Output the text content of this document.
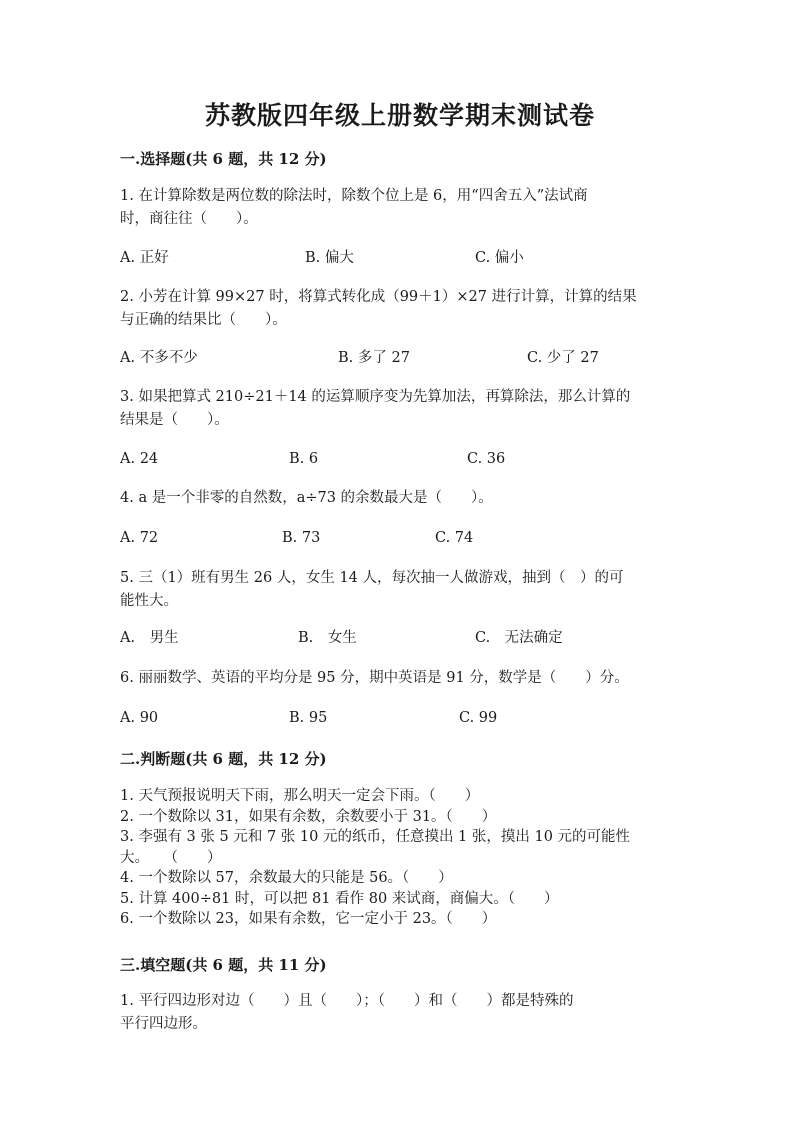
苏教版四年级上册数学期末测试卷
一.选择题(共 6 题，共 12 分)
1. 在计算除数是两位数的除法时，除数个位上是 6，用“四舍五入”法试商
时，商往往（　　）。
A. 正好	B. 偏大	C. 偏小
2. 小芳在计算 99×27 时，将算式转化成（99＋1）×27 进行计算，计算的结果
与正确的结果比（　　）。
A. 不多不少	B. 多了 27	C. 少了 27
3. 如果把算式 210÷21＋14 的运算顺序变为先算加法，再算除法，那么计算的
结果是（　　）。
A. 24	B. 6	C. 36
4. a 是一个非零的自然数，a÷73 的余数最大是（　　）。
A. 72	B. 73	C. 74
5. 三（1）班有男生 26 人，女生 14 人，每次抽一人做游戏，抽到（　）的可
能性大。
A.　男生	B.　女生	C.　无法确定
6. 丽丽数学、英语的平均分是 95 分，期中英语是 91 分，数学是（　　）分。
A. 90	B. 95	C. 99
二.判断题(共 6 题，共 12 分)
1. 天气预报说明天下雨，那么明天一定会下雨。（　　）
2. 一个数除以 31，如果有余数，余数要小于 31。（　　）
3. 李强有 3 张 5 元和 7 张 10 元的纸币，任意摸出 1 张，摸出 10 元的可能性
大。　　（　　）
4. 一个数除以 57，余数最大的只能是 56。（　　）
5. 计算 400÷81 时，可以把 81 看作 80 来试商，商偏大。（　　）
6. 一个数除以 23，如果有余数，它一定小于 23。（　　）
三.填空题(共 6 题，共 11 分)
1. 平行四边形对边（　　）且（　　）；（　　）和（　　）都是特殊的
平行四边形。
